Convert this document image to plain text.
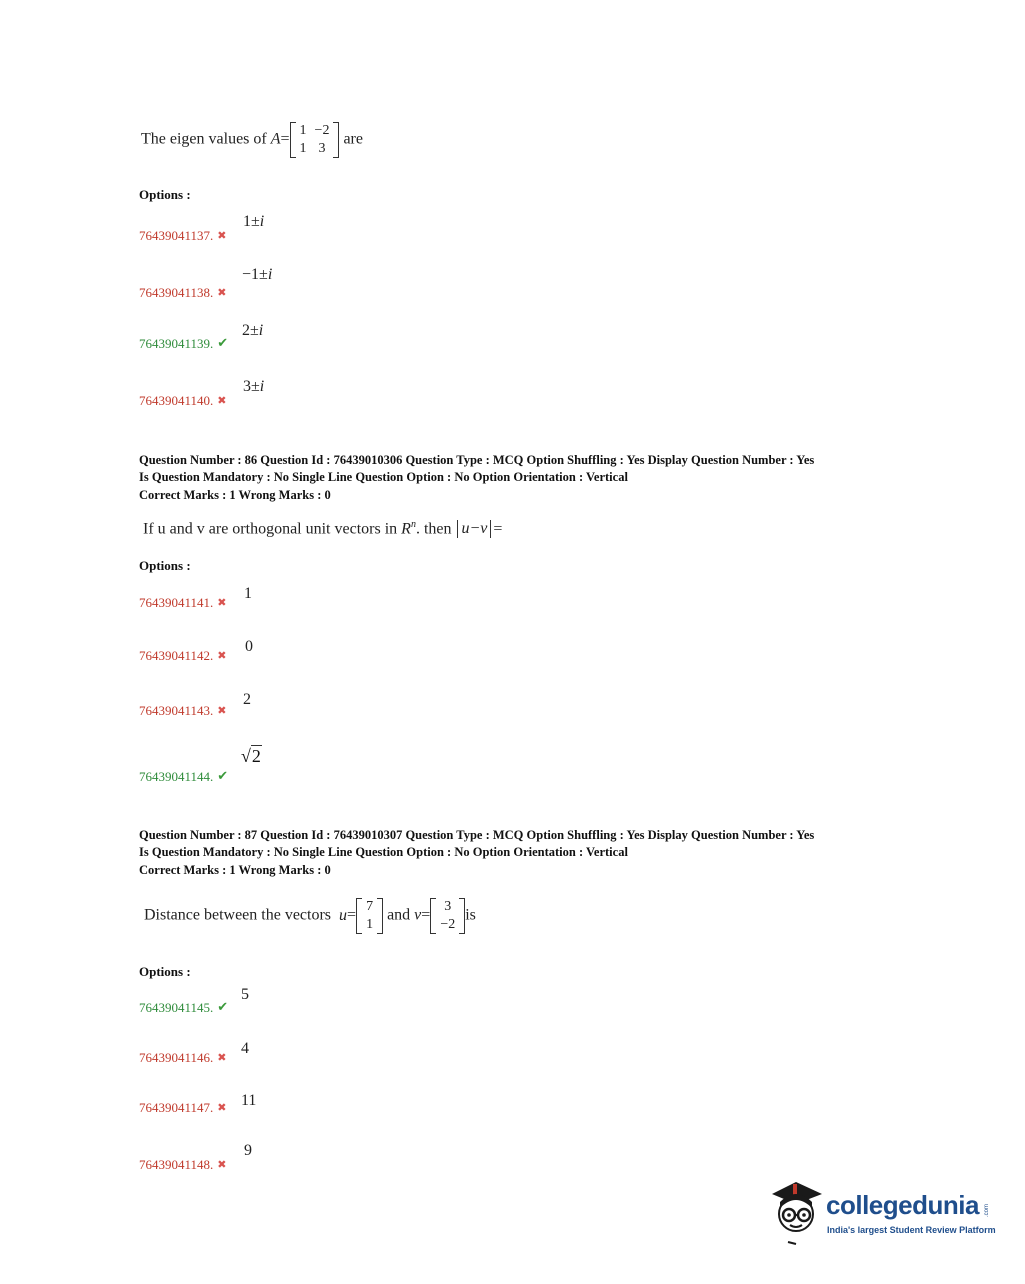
The eigen values of A=
1	−2
1	3
are
Options :
1±i
76439041137. ✖
−1±i
76439041138. ✖
2±i
76439041139. ✔
3±i
76439041140. ✖
Question Number : 86 Question Id : 76439010306 Question Type : MCQ Option Shuffling : Yes Display Question Number : Yes
Is Question Mandatory : No Single Line Question Option : No Option Orientation : Vertical
Correct Marks : 1 Wrong Marks : 0
If u and v are orthogonal unit vectors in $R^n$. then u−v =
Options :
1
76439041141. ✖
0
76439041142. ✖
2
76439041143. ✖
√2
76439041144. ✔
Question Number : 87 Question Id : 76439010307 Question Type : MCQ Option Shuffling : Yes Display Question Number : Yes
Is Question Mandatory : No Single Line Question Option : No Option Orientation : Vertical
Correct Marks : 1 Wrong Marks : 0
Distance between the vectors u=
7
1
and v=
3
−2
is
Options :
5
76439041145. ✔
4
76439041146. ✖
11
76439041147. ✖
9
76439041148. ✖
collegedunia .com
India's largest Student Review Platform
